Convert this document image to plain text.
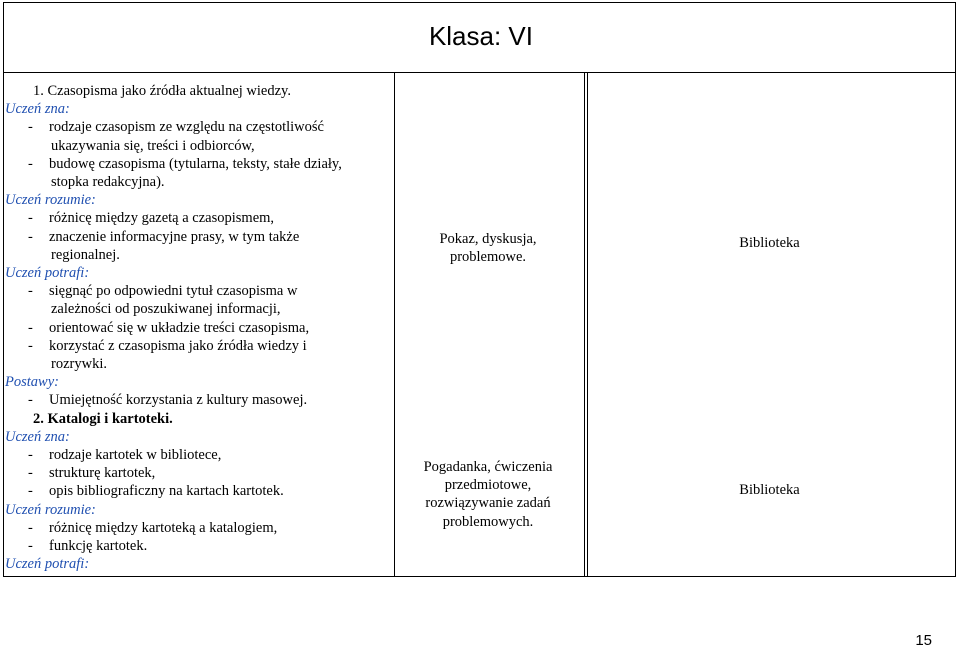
Klasa: VI
1. Czasopisma jako źródła aktualnej wiedzy.
Uczeń zna:
-rodzaje czasopism ze względu na częstotliwość
ukazywania się, treści i odbiorców,
-budowę czasopisma (tytularna, teksty, stałe działy,
stopka redakcyjna).
Uczeń rozumie:
-różnicę między gazetą a czasopismem,
-znaczenie informacyjne prasy, w tym także
regionalnej.
Uczeń potrafi:
-sięgnąć po odpowiedni tytuł czasopisma w
zależności od poszukiwanej informacji,
-orientować się w układzie treści czasopisma,
-korzystać z czasopisma jako źródła wiedzy i
rozrywki.
Postawy:
-Umiejętność korzystania z kultury masowej.
2. Katalogi i kartoteki.
Uczeń zna:
-rodzaje kartotek w bibliotece,
-strukturę kartotek,
-opis bibliograficzny na kartach kartotek.
Uczeń rozumie:
-różnicę między kartoteką a katalogiem,
-funkcję kartotek.
Uczeń potrafi:
Pokaz, dyskusja,
problemowe.
Biblioteka
Pogadanka, ćwiczenia
przedmiotowe,
rozwiązywanie zadań
problemowych.
Biblioteka
15
